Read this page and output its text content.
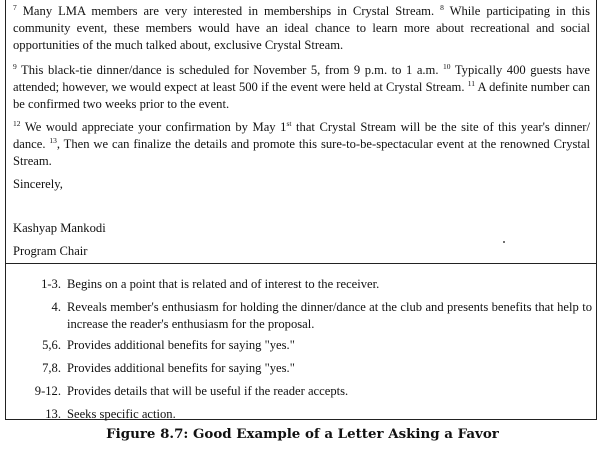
$^7$ Many LMA members are very interested in memberships in Crystal Stream. $^8$ While participating in this community event, these members would have an ideal chance to learn more about recreational and social opportunities of the much talked about, exclusive Crystal Stream.

$^9$ This black-tie dinner/dance is scheduled for November 5, from 9 p.m. to 1 a.m. $^{10}$ Typically 400 guests have attended; however, we would expect at least 500 if the event were held at Crystal Stream. $^{11}$ A definite number can be confirmed two weeks prior to the event.

$^{12}$ We would appreciate your confirmation by May 1st that Crystal Stream will be the site of this year's dinner/ dance. $^{13}$, Then we can finalize the details and promote this sure-to-be-spectacular event at the renowned Crystal Stream.

Sincerely,
Kashyap Mankodi
Program Chair
1-3. Begins on a point that is related and of interest to the receiver.
4. Reveals member's enthusiasm for holding the dinner/dance at the club and presents benefits that help to increase the reader's enthusiasm for the proposal.
5,6. Provides additional benefits for saying "yes."
7,8. Provides additional benefits for saying "yes."
9-12. Provides details that will be useful if the reader accepts.
13. Seeks specific action.
Figure 8.7: Good Example of a Letter Asking a Favor
